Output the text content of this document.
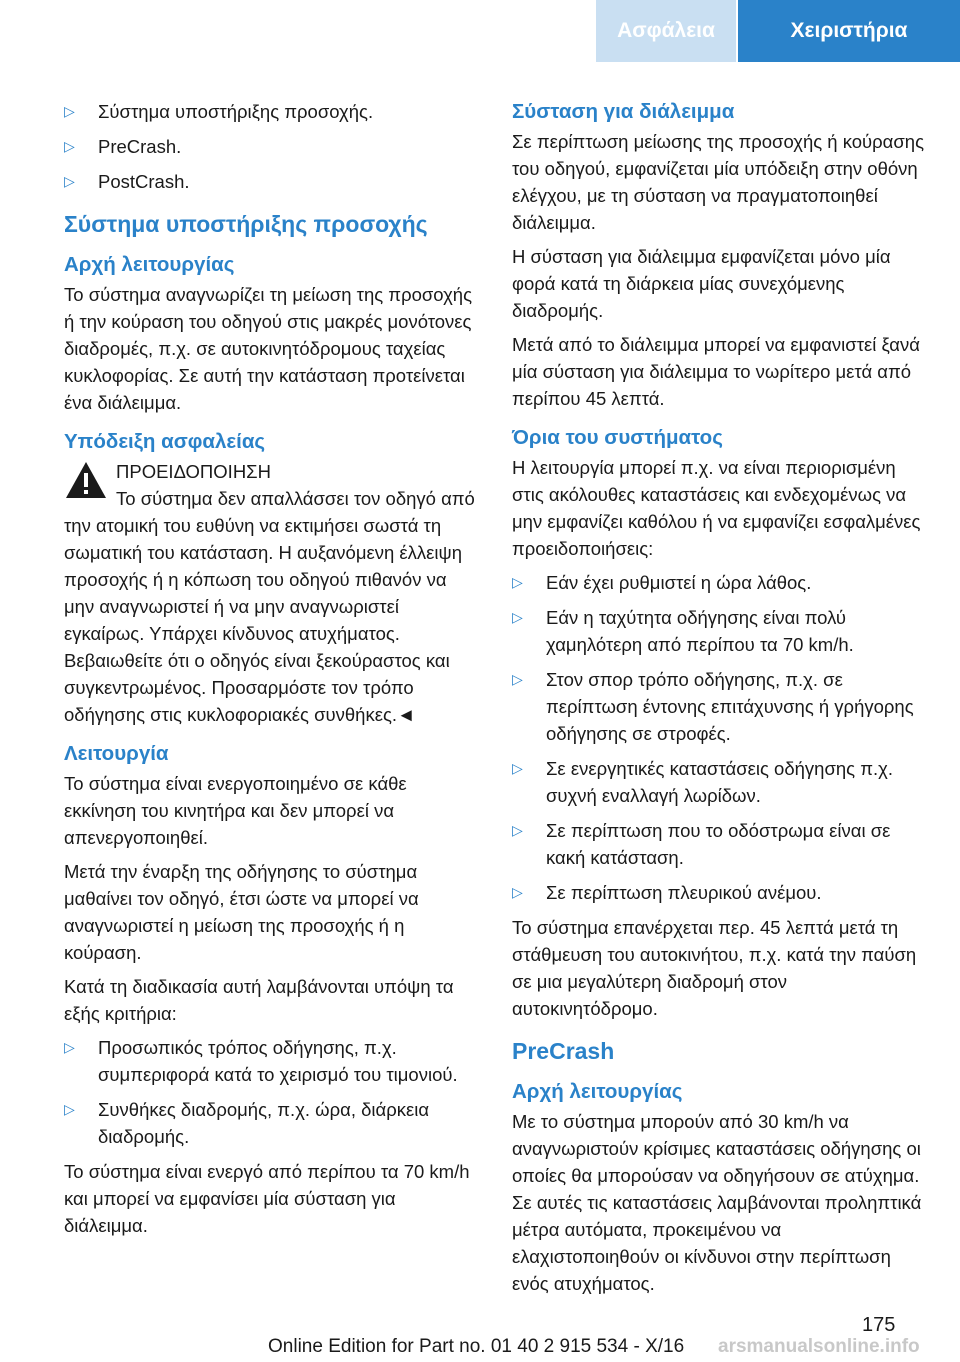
Ασφάλεια	Χειριστήρια
▷ Σύστημα υποστήριξης προσοχής.
▷ PreCrash.
▷ PostCrash.
Σύστημα υποστήριξης προσοχής
Αρχή λειτουργίας

Το σύστημα αναγνωρίζει τη μείωση της προσοχής ή την κούραση του οδηγού στις μακρές μονότονες διαδρομές, π.χ. σε αυτοκινητόδρομους ταχείας κυκλοφορίας. Σε αυτή την κατάσταση προτείνεται ένα διάλειμμα.

Υπόδειξη ασφαλείας
ΠΡΟΕΙΔΟΠΟΙΗΣΗ

Το σύστημα δεν απαλλάσσει τον οδηγό από την ατομική του ευθύνη να εκτιμήσει σωστά τη σωματική του κατάσταση. Η αυξανόμενη έλλειψη προσοχής ή η κόπωση του οδηγού πιθανόν να μην αναγνωριστεί ή να μην αναγνωριστεί εγκαίρως. Υπάρχει κίνδυνος ατυχήματος. Βεβαιωθείτε ότι ο οδηγός είναι ξεκούραστος και συγκεντρωμένος. Προσαρμόστε τον τρόπο οδήγησης στις κυκλοφοριακές συνθήκες.◄

Λειτουργία

Το σύστημα είναι ενεργοποιημένο σε κάθε εκκίνηση του κινητήρα και δεν μπορεί να απενεργοποιηθεί.

Μετά την έναρξη της οδήγησης το σύστημα μαθαίνει τον οδηγό, έτσι ώστε να μπορεί να αναγνωριστεί η μείωση της προσοχής ή η κούραση.

Κατά τη διαδικασία αυτή λαμβάνονται υπόψη τα εξής κριτήρια:

▷ Προσωπικός τρόπος οδήγησης, π.χ. συμπεριφορά κατά το χειρισμό του τιμονιού.
▷ Συνθήκες διαδρομής, π.χ. ώρα, διάρκεια διαδρομής.

Το σύστημα είναι ενεργό από περίπου τα 70 km/h και μπορεί να εμφανίσει μία σύσταση για διάλειμμα.

Σύσταση για διάλειμμα

Σε περίπτωση μείωσης της προσοχής ή κούρασης του οδηγού, εμφανίζεται μία υπόδειξη στην οθόνη ελέγχου, με τη σύσταση να πραγματοποιηθεί διάλειμμα.

Η σύσταση για διάλειμμα εμφανίζεται μόνο μία φορά κατά τη διάρκεια μίας συνεχόμενης διαδρομής.

Μετά από το διάλειμμα μπορεί να εμφανιστεί ξανά μία σύσταση για διάλειμμα το νωρίτερο μετά από περίπου 45 λεπτά.

Όρια του συστήματος

Η λειτουργία μπορεί π.χ. να είναι περιορισμένη στις ακόλουθες καταστάσεις και ενδεχομένως να μην εμφανίζει καθόλου ή να εμφανίζει εσφαλμένες προειδοποιήσεις:

▷ Εάν έχει ρυθμιστεί η ώρα λάθος.
▷ Εάν η ταχύτητα οδήγησης είναι πολύ χαμηλότερη από περίπου τα 70 km/h.
▷ Στον σπορ τρόπο οδήγησης, π.χ. σε περίπτωση έντονης επιτάχυνσης ή γρήγορης οδήγησης σε στροφές.
▷ Σε ενεργητικές καταστάσεις οδήγησης π.χ. συχνή εναλλαγή λωρίδων.
▷ Σε περίπτωση που το οδόστρωμα είναι σε κακή κατάσταση.
▷ Σε περίπτωση πλευρικού ανέμου.

Το σύστημα επανέρχεται περ. 45 λεπτά μετά τη στάθμευση του αυτοκινήτου, π.χ. κατά την παύση σε μια μεγαλύτερη διαδρομή στον αυτοκινητόδρομο.

PreCrash
Αρχή λειτουργίας

Με το σύστημα μπορούν από 30 km/h να αναγνωριστούν κρίσιμες καταστάσεις οδήγησης οι οποίες θα μπορούσαν να οδηγήσουν σε ατύχημα. Σε αυτές τις καταστάσεις λαμβάνονται προληπτικά μέτρα αυτόματα, προκειμένου να ελαχιστοποιηθούν οι κίνδυνοι στην περίπτωση ενός ατυχήματος.

175
Online Edition for Part no. 01 40 2 915 534 - X/16 arsmanualsonline.info
